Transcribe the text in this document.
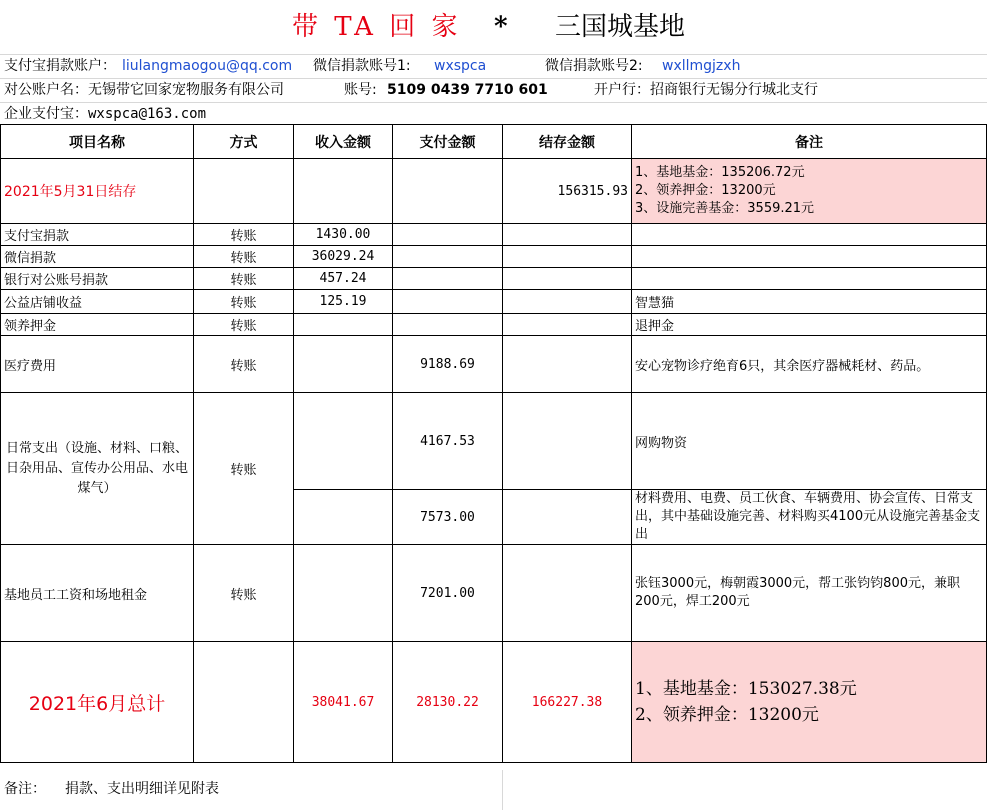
带 TA 回 家 * 三国城基地
支付宝捐款账户： liulangmaogou@qq.com 微信捐款账号1: wxspca	微信捐款账号2: wxllmgjzxh
对公账户名：无锡带它回家宠物服务有限公司	账号: 5109 0439 7710 601	开户行：招商银行无锡分行城北支行
企业支付宝：wxspca@163.com
项目名称	方式	收入金额	支付金额	结存金额	备注
2021年5月31日结存				156315.93	1、基地基金：135206.72元
2、领养押金：13200元
3、设施完善基金：3559.21元

支付宝捐款	转账	1430.00			
微信捐款	转账	36029.24			
银行对公账号捐款	转账	457.24			
公益店铺收益	转账	125.19			智慧猫
领养押金	转账				退押金
医疗费用	转账		9188.69		安心宠物诊疗绝育6只，其余医疗器械耗材、药品。
日常支出（设施、材料、口粮、日杂用品、宣传办公用品、水电煤气）	转账		4167.53		网购物资
			7573.00		材料费用、电费、员工伙食、车辆费用、协会宣传、日常支出，其中基础设施完善、材料购买4100元从设施完善基金支出
基地员工工资和场地租金	转账		7201.00		张钰3000元，梅朝霞3000元，帮工张钧钧800元，兼职200元，焊工200元
2021年6月总计		38041.67	28130.22	166227.38	1、基地基金：153027.38元
2、领养押金：13200元
备注： 捐款、支出明细详见附表
